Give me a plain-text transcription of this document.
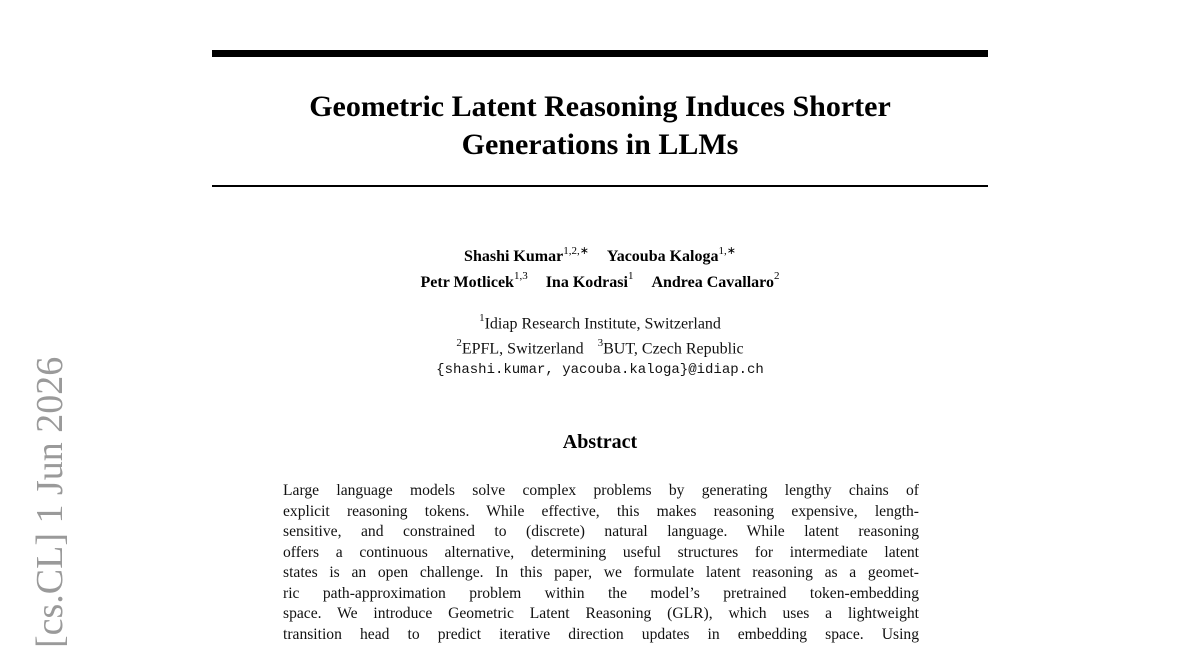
[cs.CL] 1 Jun 2026
Geometric Latent Reasoning Induces Shorter
Generations in LLMs
Shashi Kumar$^{1,2,∗}$ Yacouba Kaloga$^{1,∗}$
Petr Motlicek$^{1,3}$ Ina Kodrasi$^1$ Andrea Cavallaro$^2$
$^1$Idiap Research Institute, Switzerland
$^2$EPFL, Switzerland $^3$BUT, Czech Republic
{shashi.kumar, yacouba.kaloga}@idiap.ch
Abstract
Large language models solve complex problems by generating lengthy chains of
explicit reasoning tokens. While effective, this makes reasoning expensive, length-
sensitive, and constrained to (discrete) natural language. While latent reasoning
offers a continuous alternative, determining useful structures for intermediate latent
states is an open challenge. In this paper, we formulate latent reasoning as a geomet-
ric path-approximation problem within the model’s pretrained token-embedding
space. We introduce Geometric Latent Reasoning (GLR), which uses a lightweight
transition head to predict iterative direction updates in embedding space. Using
